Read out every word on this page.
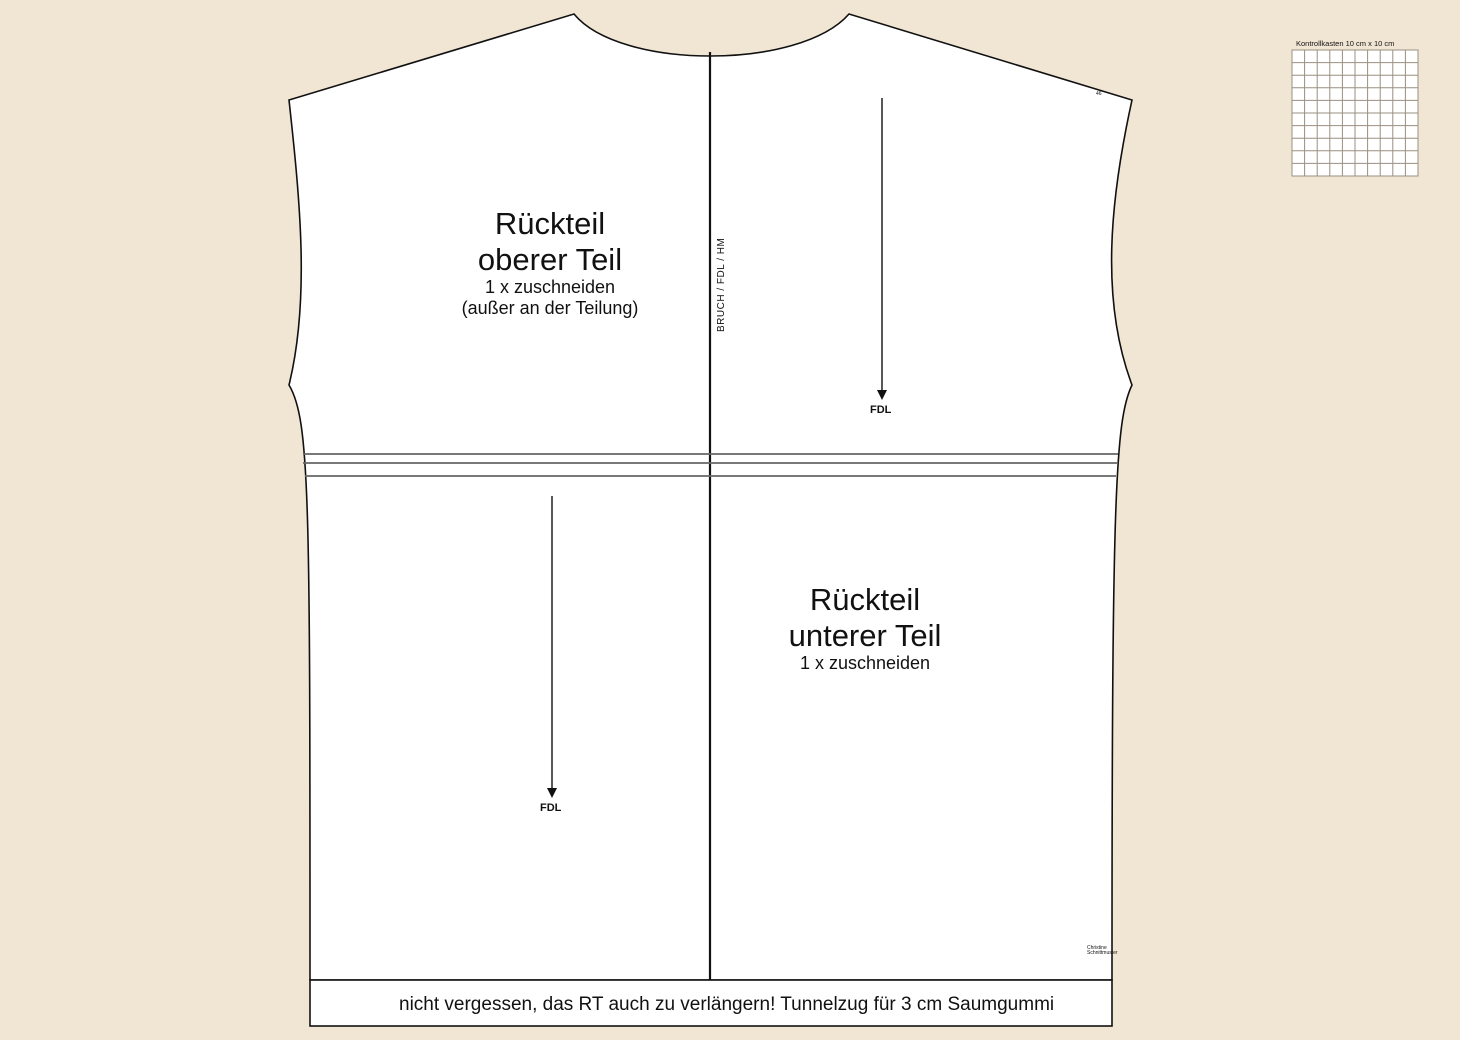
Rückteil
oberer Teil
1 x zuschneiden
(außer an der Teilung)
Rückteil
unterer Teil
1 x zuschneiden
BRUCH / FDL / HM
FDL
FDL
nicht vergessen, das RT auch zu verlängern! Tunnelzug für 3 cm Saumgummi
Kontrollkasten 10 cm x 10 cm
46
Christine
Schnittmuster
